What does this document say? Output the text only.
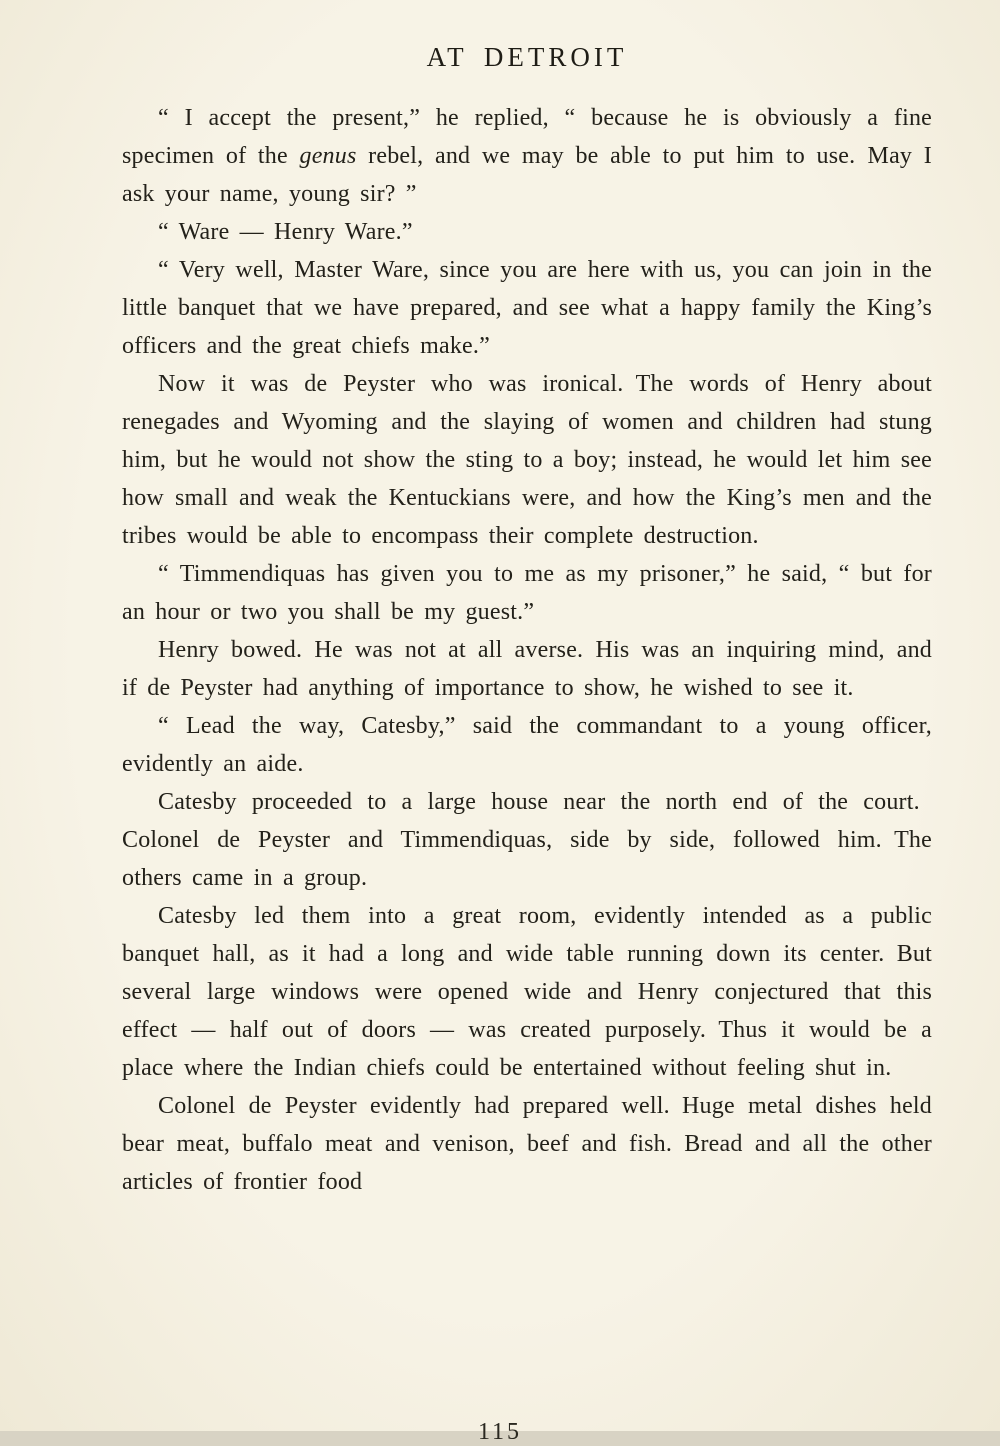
AT DETROIT

“ I accept the present,” he replied, “ because he is obviously a fine specimen of the genus rebel, and we may be able to put him to use. May I ask your name, young sir? ”

“ Ware — Henry Ware.”

“ Very well, Master Ware, since you are here with us, you can join in the little banquet that we have prepared, and see what a happy family the King’s officers and the great chiefs make.”

Now it was de Peyster who was ironical. The words of Henry about renegades and Wyoming and the slaying of women and children had stung him, but he would not show the sting to a boy; instead, he would let him see how small and weak the Kentuckians were, and how the King’s men and the tribes would be able to encompass their complete destruction.

“ Timmendiquas has given you to me as my prisoner,” he said, “ but for an hour or two you shall be my guest.”

Henry bowed. He was not at all averse. His was an inquiring mind, and if de Peyster had anything of importance to show, he wished to see it.

“ Lead the way, Catesby,” said the commandant to a young officer, evidently an aide.

Catesby proceeded to a large house near the north end of the court. Colonel de Peyster and Timmendiquas, side by side, followed him. The others came in a group.

Catesby led them into a great room, evidently intended as a public banquet hall, as it had a long and wide table running down its center. But several large windows were opened wide and Henry conjectured that this effect — half out of doors — was created purposely. Thus it would be a place where the Indian chiefs could be entertained without feeling shut in.

Colonel de Peyster evidently had prepared well. Huge metal dishes held bear meat, buffalo meat and venison, beef and fish. Bread and all the other articles of frontier food

115
